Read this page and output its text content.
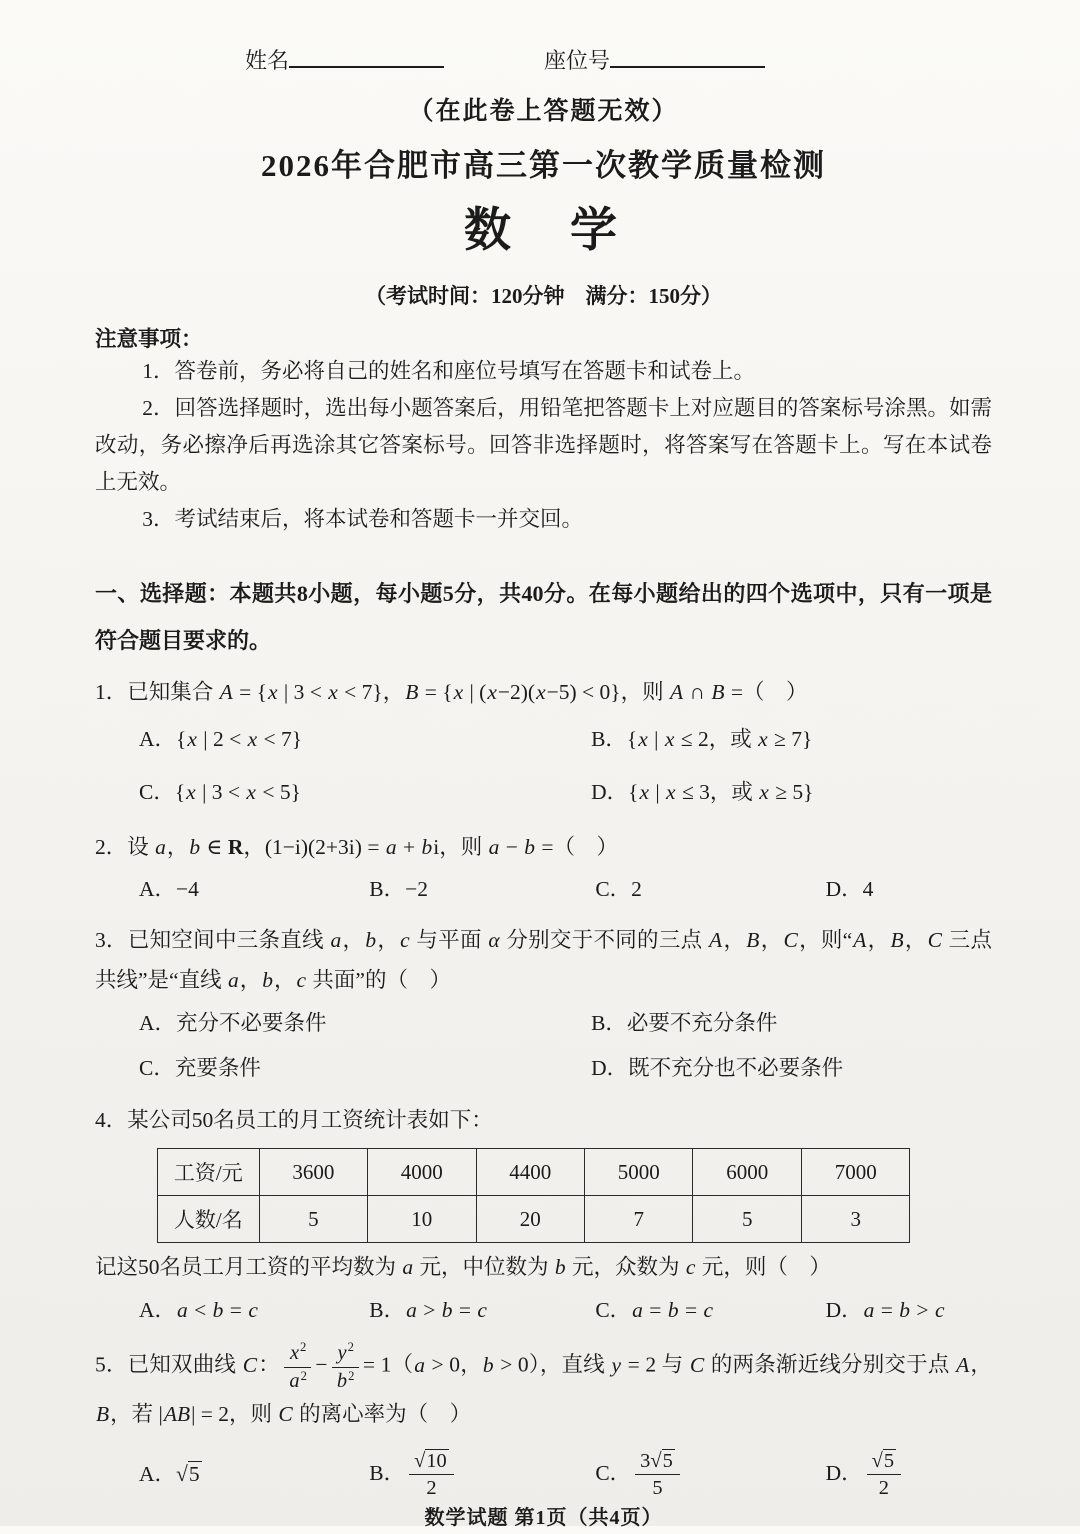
姓名	座位号
（在此卷上答题无效）
2026年合肥市高三第一次教学质量检测
数　学
（考试时间：120分钟　满分：150分）
注意事项：

1．答卷前，务必将自己的姓名和座位号填写在答题卡和试卷上。

2．回答选择题时，选出每小题答案后，用铅笔把答题卡上对应题目的答案标号涂黑。如需改动，务必擦净后再选涂其它答案标号。回答非选择题时，将答案写在答题卡上。写在本试卷上无效。

3．考试结束后，将本试卷和答题卡一并交回。

一、选择题：本题共8小题，每小题5分，共40分。在每小题给出的四个选项中，只有一项是符合题目要求的。
1．已知集合 A = {x | 3 < x < 7}，B = {x | (x−2)(x−5) < 0}，则 A ∩ B =（　）
A．{x | 2 < x < 7}	B．{x | x ≤ 2，或 x ≥ 7}
C．{x | 3 < x < 5}	D．{x | x ≤ 3，或 x ≥ 5}
2．设 a，b ∈ R，(1−i)(2+3i) = a + bi，则 a − b =（　）
A．−4	B．−2	C．2	D．4
3．已知空间中三条直线 a，b，c 与平面 α 分别交于不同的三点 A，B，C，则“A，B，C 三点共线”是“直线 a，b，c 共面”的（　）
A．充分不必要条件	B．必要不充分条件
C．充要条件	D．既不充分也不必要条件
4．某公司50名员工的月工资统计表如下：
工资/元	3600	4000	4400	5000	6000	7000
人数/名	5	10	20	7	5	3
记这50名员工月工资的平均数为 a 元，中位数为 b 元，众数为 c 元，则（　）
A．a < b = c	B．a > b = c	C．a = b = c	D．a = b > c
5．已知双曲线 C： $\frac{x^2}{a^2} - \frac{y^2}{b^2} = 1(a > 0$，b > 0），直线 y = 2 与 C 的两条渐近线分别交于点 A，B，若 |AB| = 2，则 C 的离心率为（　）
A．√5	B． $\frac{√10}{2}$	C． $\frac{3√5}{5}$	D． $\frac{√5}{2}$
数学试题 第1页（共4页）
